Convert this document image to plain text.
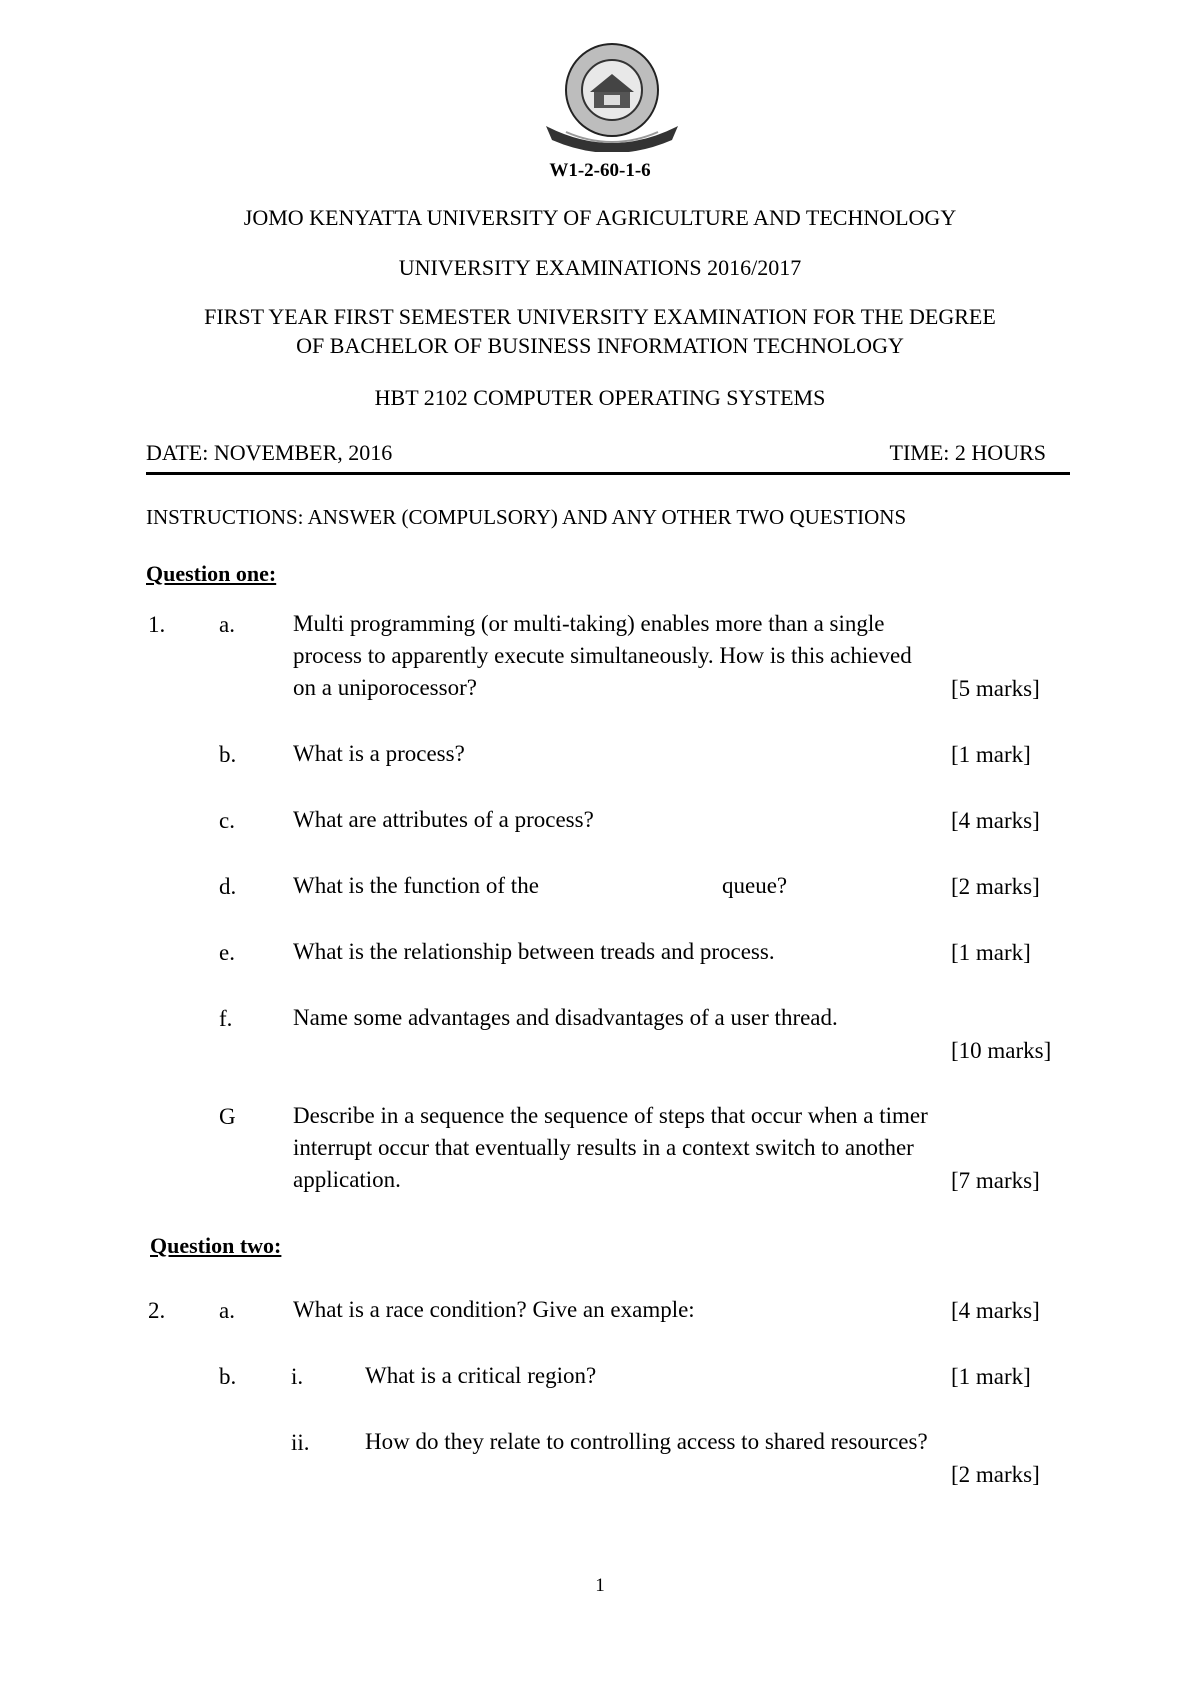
W1-2-60-1-6
JOMO KENYATTA UNIVERSITY OF AGRICULTURE AND TECHNOLOGY
UNIVERSITY EXAMINATIONS 2016/2017
FIRST YEAR FIRST SEMESTER UNIVERSITY EXAMINATION FOR THE DEGREE
OF BACHELOR OF BUSINESS INFORMATION TECHNOLOGY
HBT 2102 COMPUTER OPERATING SYSTEMS
DATE: NOVEMBER, 2016	TIME: 2 HOURS
INSTRUCTIONS: ANSWER (COMPULSORY) AND ANY OTHER TWO QUESTIONS
Question one:
1. a.	Multi programming (or multi-taking) enables more than a single
process to apparently execute simultaneously. How is this achieved
on a uniporocessor?	[5 marks]
b. What is a process?	[1 mark]
c.	What are attributes of a process?	[4 marks]
d. What is the function of the	queue?	[2 marks]
e.	What is the relationship between treads and process.	[1 mark]
f.	Name some advantages and disadvantages of a user thread.
[10 marks]
G Describe in a sequence the sequence of steps that occur when a timer
interrupt occur that eventually results in a context switch to another
application.	[7 marks]
Question two:
2. a.	What is a race condition? Give an example:	[4 marks]
b. i.	What is a critical region?	[1 mark]
ii. How do they relate to controlling access to shared resources?
[2 marks]
1
